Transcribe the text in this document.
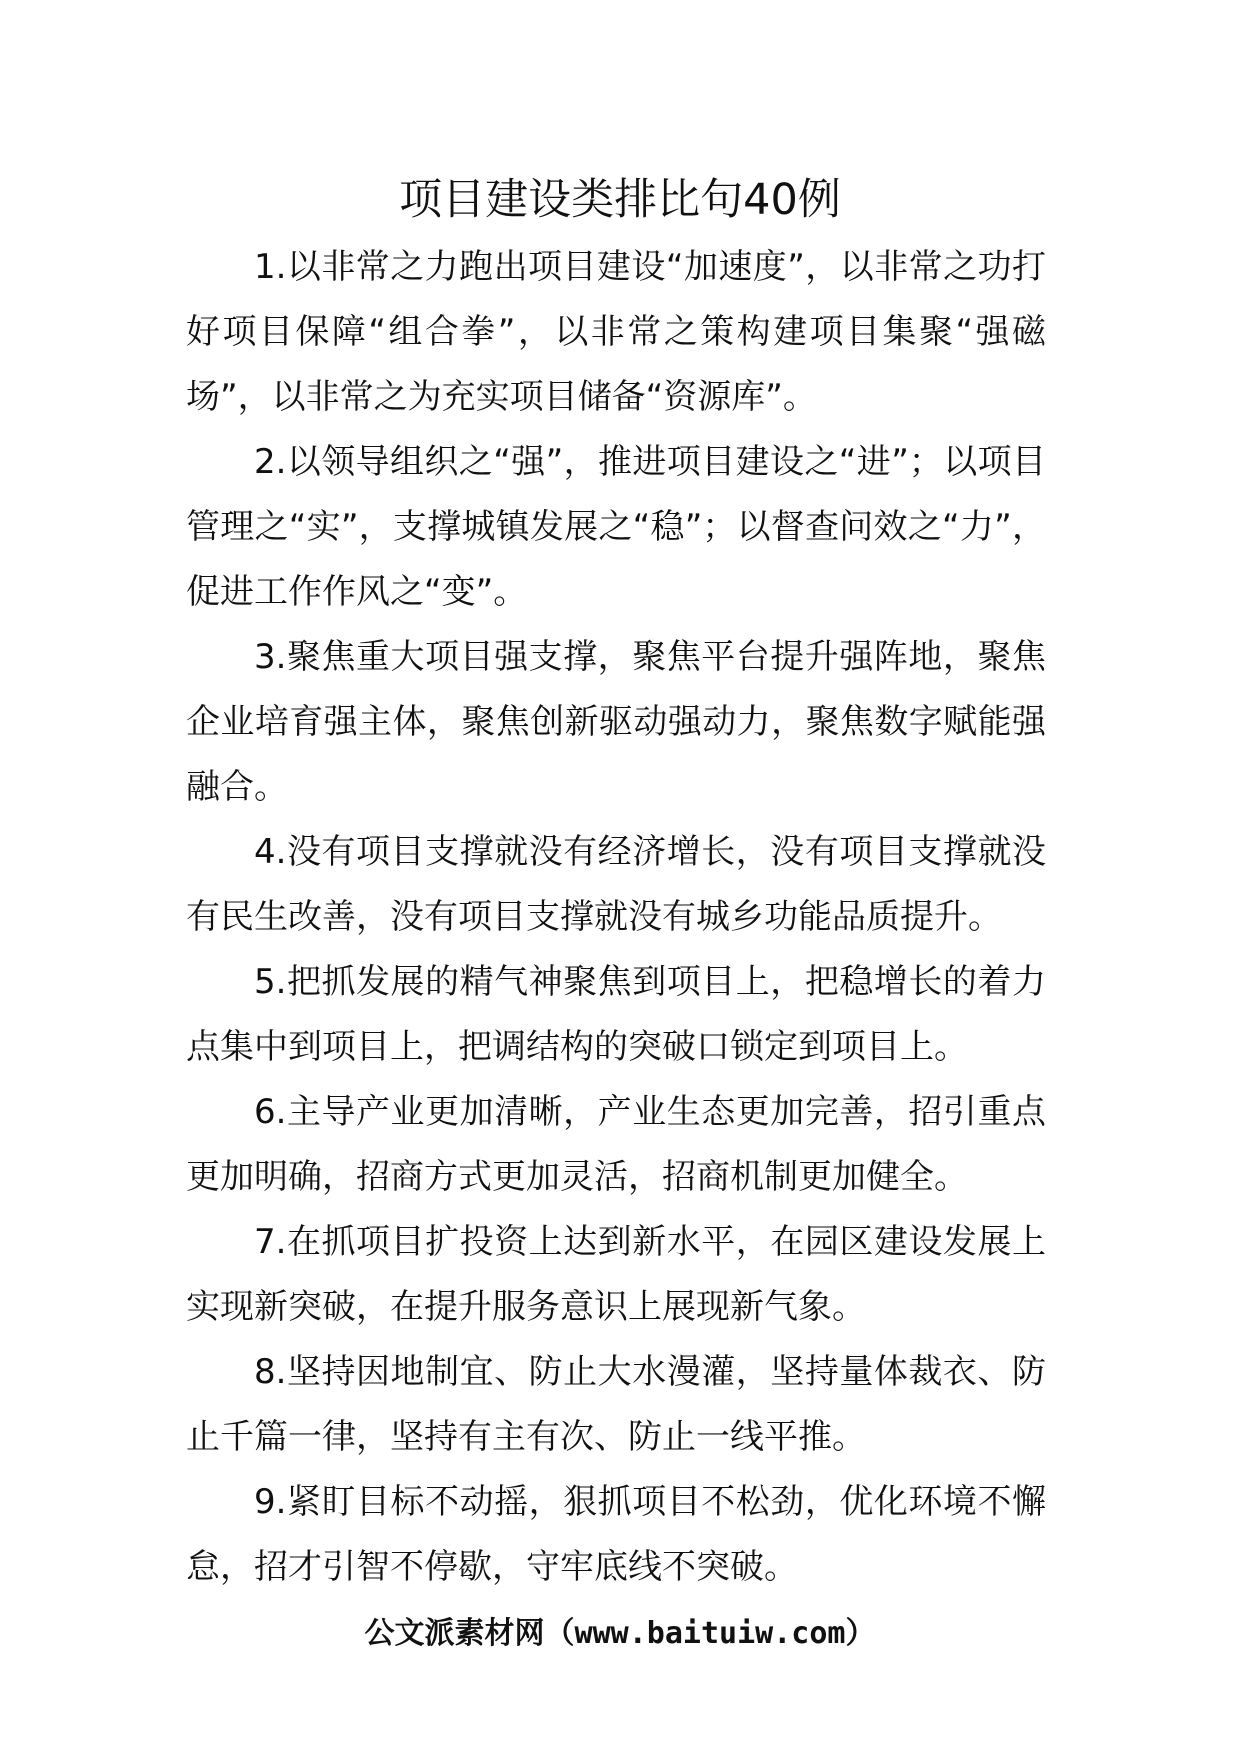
项目建设类排比句40例

1.以非常之力跑出项目建设“加速度”，以非常之功打好项目保障“组合拳”，以非常之策构建项目集聚“强磁场”，以非常之为充实项目储备“资源库”。

2.以领导组织之“强”，推进项目建设之“进”；以项目管理之“实”，支撑城镇发展之“稳”；以督查问效之“力”，促进工作作风之“变”。

3.聚焦重大项目强支撑，聚焦平台提升强阵地，聚焦企业培育强主体，聚焦创新驱动强动力，聚焦数字赋能强融合。

4.没有项目支撑就没有经济增长，没有项目支撑就没有民生改善，没有项目支撑就没有城乡功能品质提升。

5.把抓发展的精气神聚焦到项目上，把稳增长的着力点集中到项目上，把调结构的突破口锁定到项目上。

6.主导产业更加清晰，产业生态更加完善，招引重点更加明确，招商方式更加灵活，招商机制更加健全。

7.在抓项目扩投资上达到新水平，在园区建设发展上实现新突破，在提升服务意识上展现新气象。

8.坚持因地制宜、防止大水漫灌，坚持量体裁衣、防止千篇一律，坚持有主有次、防止一线平推。

9.紧盯目标不动摇，狠抓项目不松劲，优化环境不懈怠，招才引智不停歇，守牢底线不突破。

公文派素材网（www.baituiw.com）
